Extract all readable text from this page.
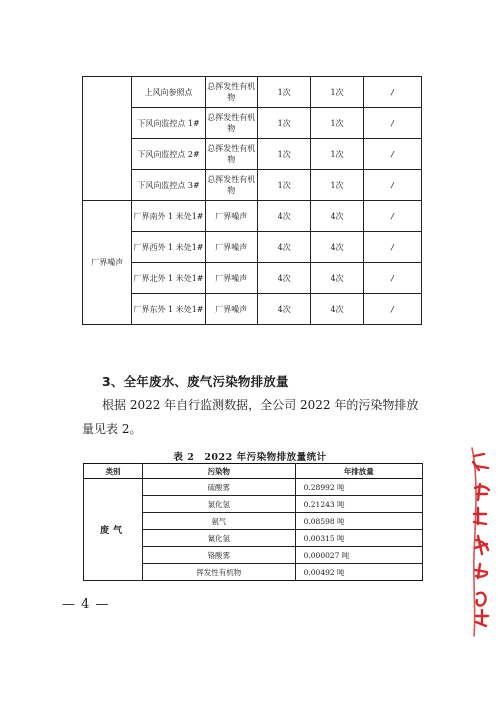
	上风向参照点	总挥发性有机物	1次	1次	/
	下风向监控点 1#	总挥发性有机物	1次	1次	/
	下风向监控点 2#	总挥发性有机物	1次	1次	/
	下风向监控点 3#	总挥发性有机物	1次	1次	/
厂界噪声	厂界南外 1 米处1#	厂界噪声	4次	4次	/
	厂界西外 1 米处1#	厂界噪声	4次	4次	/
	厂界北外 1 米处1#	厂界噪声	4次	4次	/
	厂界东外 1 米处1#	厂界噪声	4次	4次	/
3、全年废水、废气污染物排放量
根据 2022 年自行监测数据，全公司 2022 年的污染物排放量见表 2。
表 2　2022 年污染物排放量统计
类别	污染物	年排放量
废气	硫酸雾	0.28992 吨
	氯化氢	0.21243 吨
	氨气	0.08598 吨
	氰化氢	0.00315 吨
	铬酸雾	0.000027 吨
	挥发性有机物	0.00492 吨
— 4 —
